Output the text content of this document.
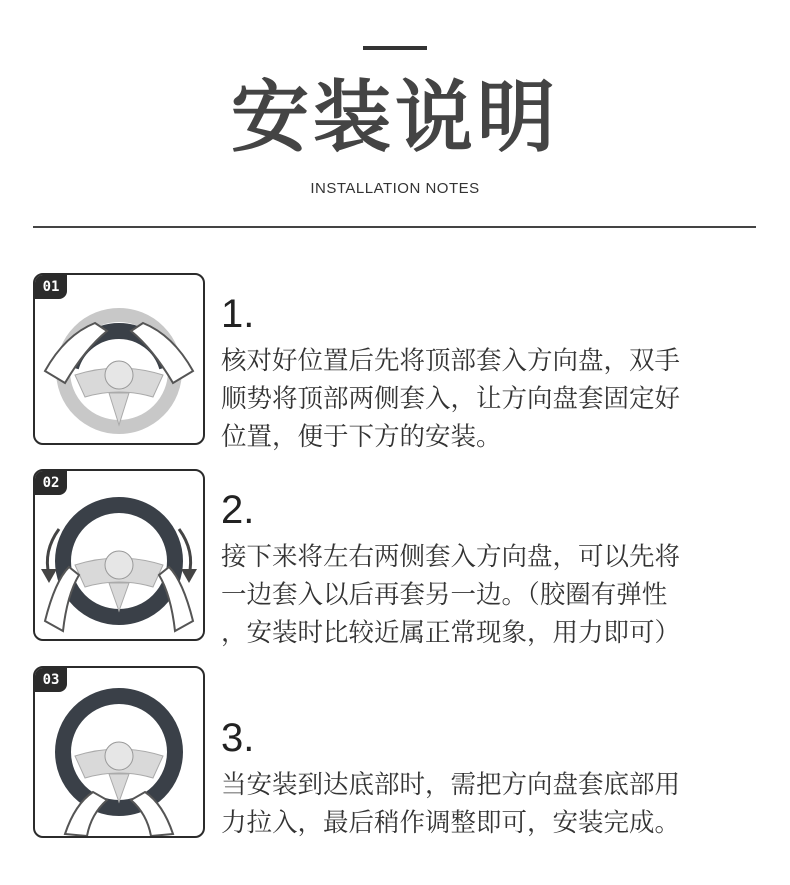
安装说明
INSTALLATION NOTES
01
1.
核对好位置后先将顶部套入方向盘，双手
顺势将顶部两侧套入，让方向盘套固定好
位置，便于下方的安装。
02
2.
接下来将左右两侧套入方向盘，可以先将
一边套入以后再套另一边。（胶圈有弹性
，安装时比较近属正常现象，用力即可）
03
3.
当安装到达底部时，需把方向盘套底部用
力拉入，最后稍作调整即可，安装完成。
